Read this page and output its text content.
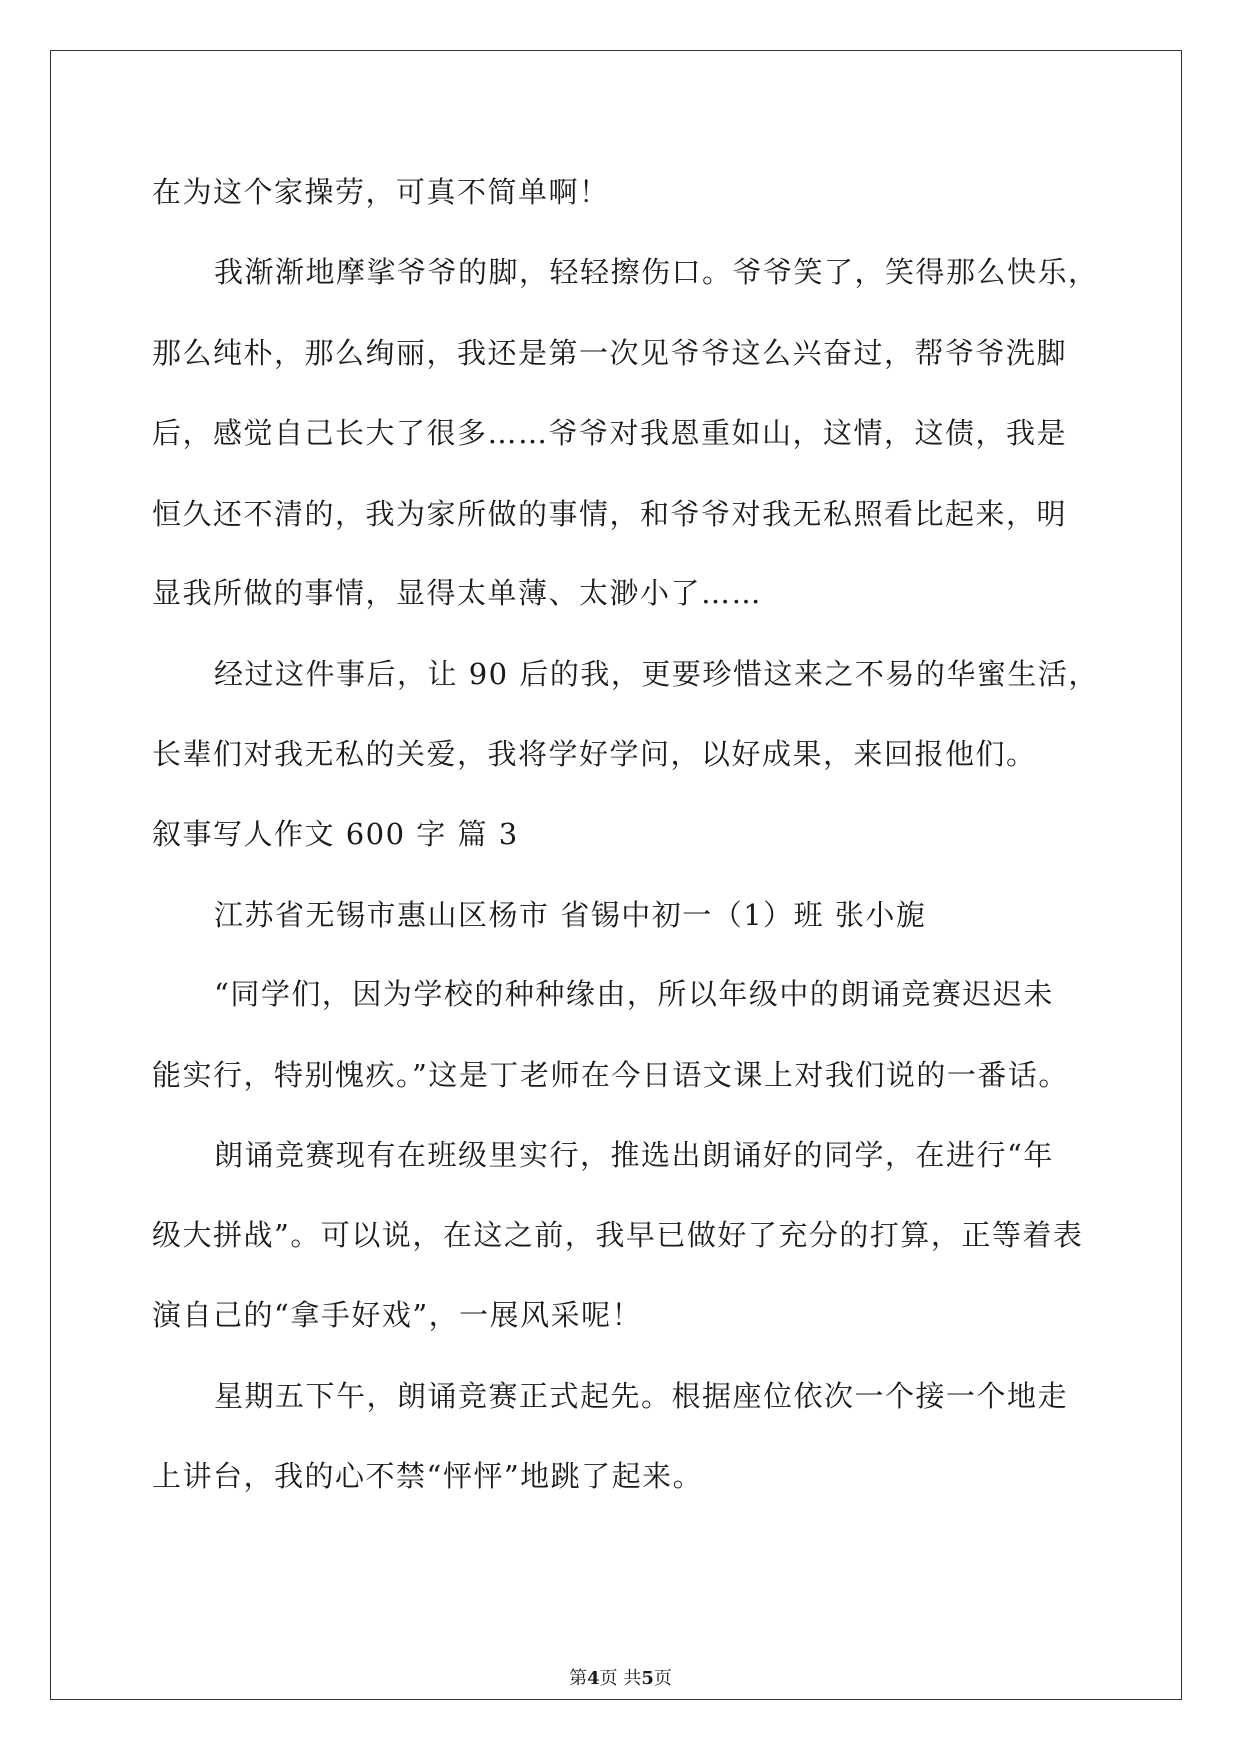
在为这个家操劳，可真不简单啊！
我渐渐地摩挲爷爷的脚，轻轻擦伤口。爷爷笑了，笑得那么快乐，
那么纯朴，那么绚丽，我还是第一次见爷爷这么兴奋过，帮爷爷洗脚
后，感觉自己长大了很多……爷爷对我恩重如山，这情，这债，我是
恒久还不清的，我为家所做的事情，和爷爷对我无私照看比起来，明
显我所做的事情，显得太单薄、太渺小了……
经过这件事后，让 90 后的我，更要珍惜这来之不易的华蜜生活，
长辈们对我无私的关爱，我将学好学问，以好成果，来回报他们。
叙事写人作文 600 字 篇 3
江苏省无锡市惠山区杨市 省锡中初一（1）班 张小旎
“同学们，因为学校的种种缘由，所以年级中的朗诵竞赛迟迟未
能实行，特别愧疚。”这是丁老师在今日语文课上对我们说的一番话。
朗诵竞赛现有在班级里实行，推选出朗诵好的同学，在进行“年
级大拼战”。可以说，在这之前，我早已做好了充分的打算，正等着表
演自己的“拿手好戏”，一展风采呢！
星期五下午，朗诵竞赛正式起先。根据座位依次一个接一个地走
上讲台，我的心不禁“怦怦”地跳了起来。
第4页 共5页
